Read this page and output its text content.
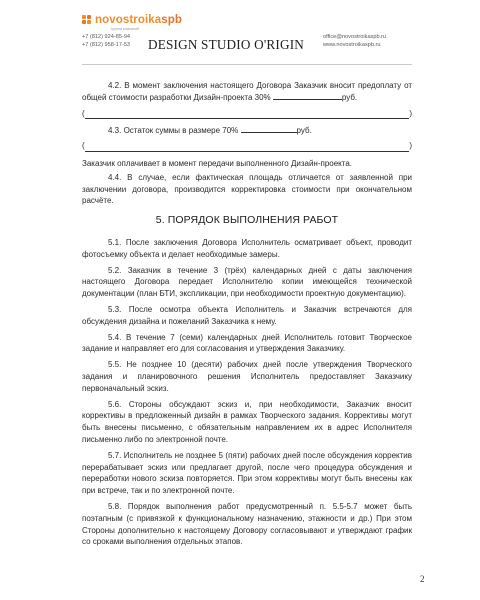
novostroikaspb
группа компаний
+7 (812) 924-85-94
+7 (812) 958-17-53 DESIGN STUDIO O'RIGIN	office@novostroikaspb.ru
www.novostroikaspb.ru

4.2. В момент заключения настоящего Договора Заказчик вносит предоплату от общей стоимости разработки Дизайн-проекта 30%	руб.

(	)

4.3. Остаток суммы в размере 70%	руб.

(	)

Заказчик оплачивает в момент передачи выполненного Дизайн-проекта.

4.4. В случае, если фактическая площадь отличается от заявленной при заключении договора, производится корректировка стоимости при окончательном расчёте.

5. ПОРЯДОК ВЫПОЛНЕНИЯ РАБОТ

5.1. После заключения Договора Исполнитель осматривает объект, проводит фотосъемку объекта и делает необходимые замеры.

5.2. Заказчик в течение 3 (трёх) календарных дней с даты заключения настоящего Договора передает Исполнителю копии имеющейся технической документации (план БТИ, экспликации, при необходимости проектную документацию).

5.3. После осмотра объекта Исполнитель и Заказчик встречаются для обсуждения дизайна и пожеланий Заказчика к нему.

5.4. В течение 7 (семи) календарных дней Исполнитель готовит Творческое задание и направляет его для согласования и утверждения Заказчику.

5.5. Не позднее 10 (десяти) рабочих дней после утверждения Творческого задания и планировочного решения Исполнитель предоставляет Заказчику первоначальный эскиз.

5.6. Стороны обсуждают эскиз и, при необходимости, Заказчик вносит коррективы в предложенный дизайн в рамках Творческого задания. Коррективы могут быть внесены письменно, с обязательным направлением их в адрес Исполнителя письменно либо по электронной почте.

5.7. Исполнитель не позднее 5 (пяти) рабочих дней после обсуждения корректив перерабатывает эскиз или предлагает другой, после чего процедура обсуждения и переработки нового эскиза повторяется. При этом коррективы могут быть внесены как при встрече, так и по электронной почте.

5.8. Порядок выполнения работ предусмотренный п. 5.5-5.7 может быть поэтапным (с привязкой к функциональному назначению, этажности и др.) При этом Стороны дополнительно к настоящему Договору согласовывают и утверждают график со сроками выполнения отдельных этапов.

2
